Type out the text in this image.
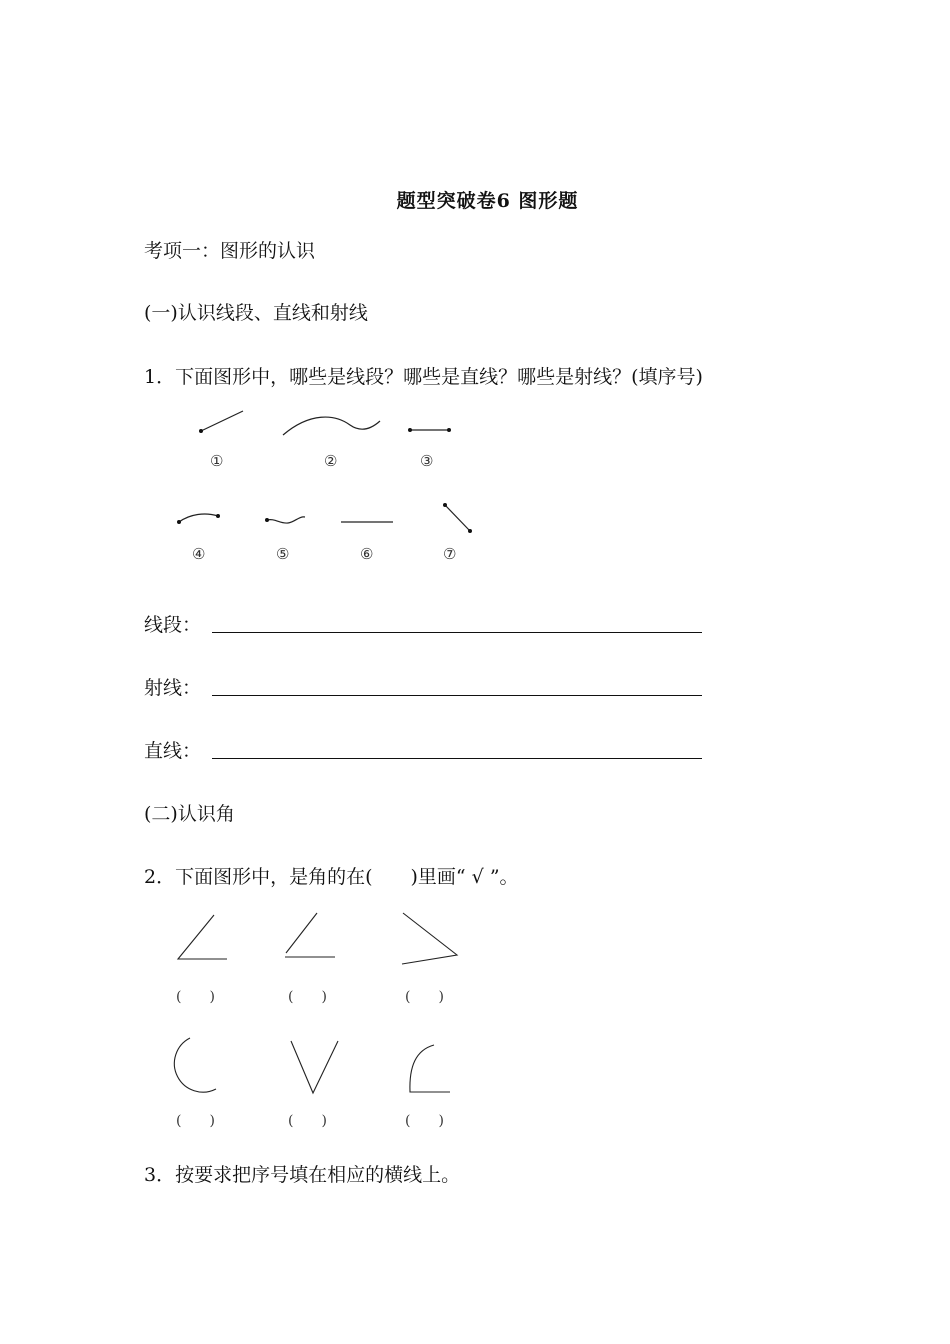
题型突破卷6 图形题
考项一：图形的认识
(一)认识线段、直线和射线
1．下面图形中，哪些是线段？哪些是直线？哪些是射线？(填序号)
①	②	③
④	⑤	⑥	⑦
线段：
射线：
直线：
(二)认识角
2．下面图形中，是角的在(　　)里画“ √ ”。
(　　)	(　　)	(　　)
(　　)	(　　)	(　　)
3．按要求把序号填在相应的横线上。
